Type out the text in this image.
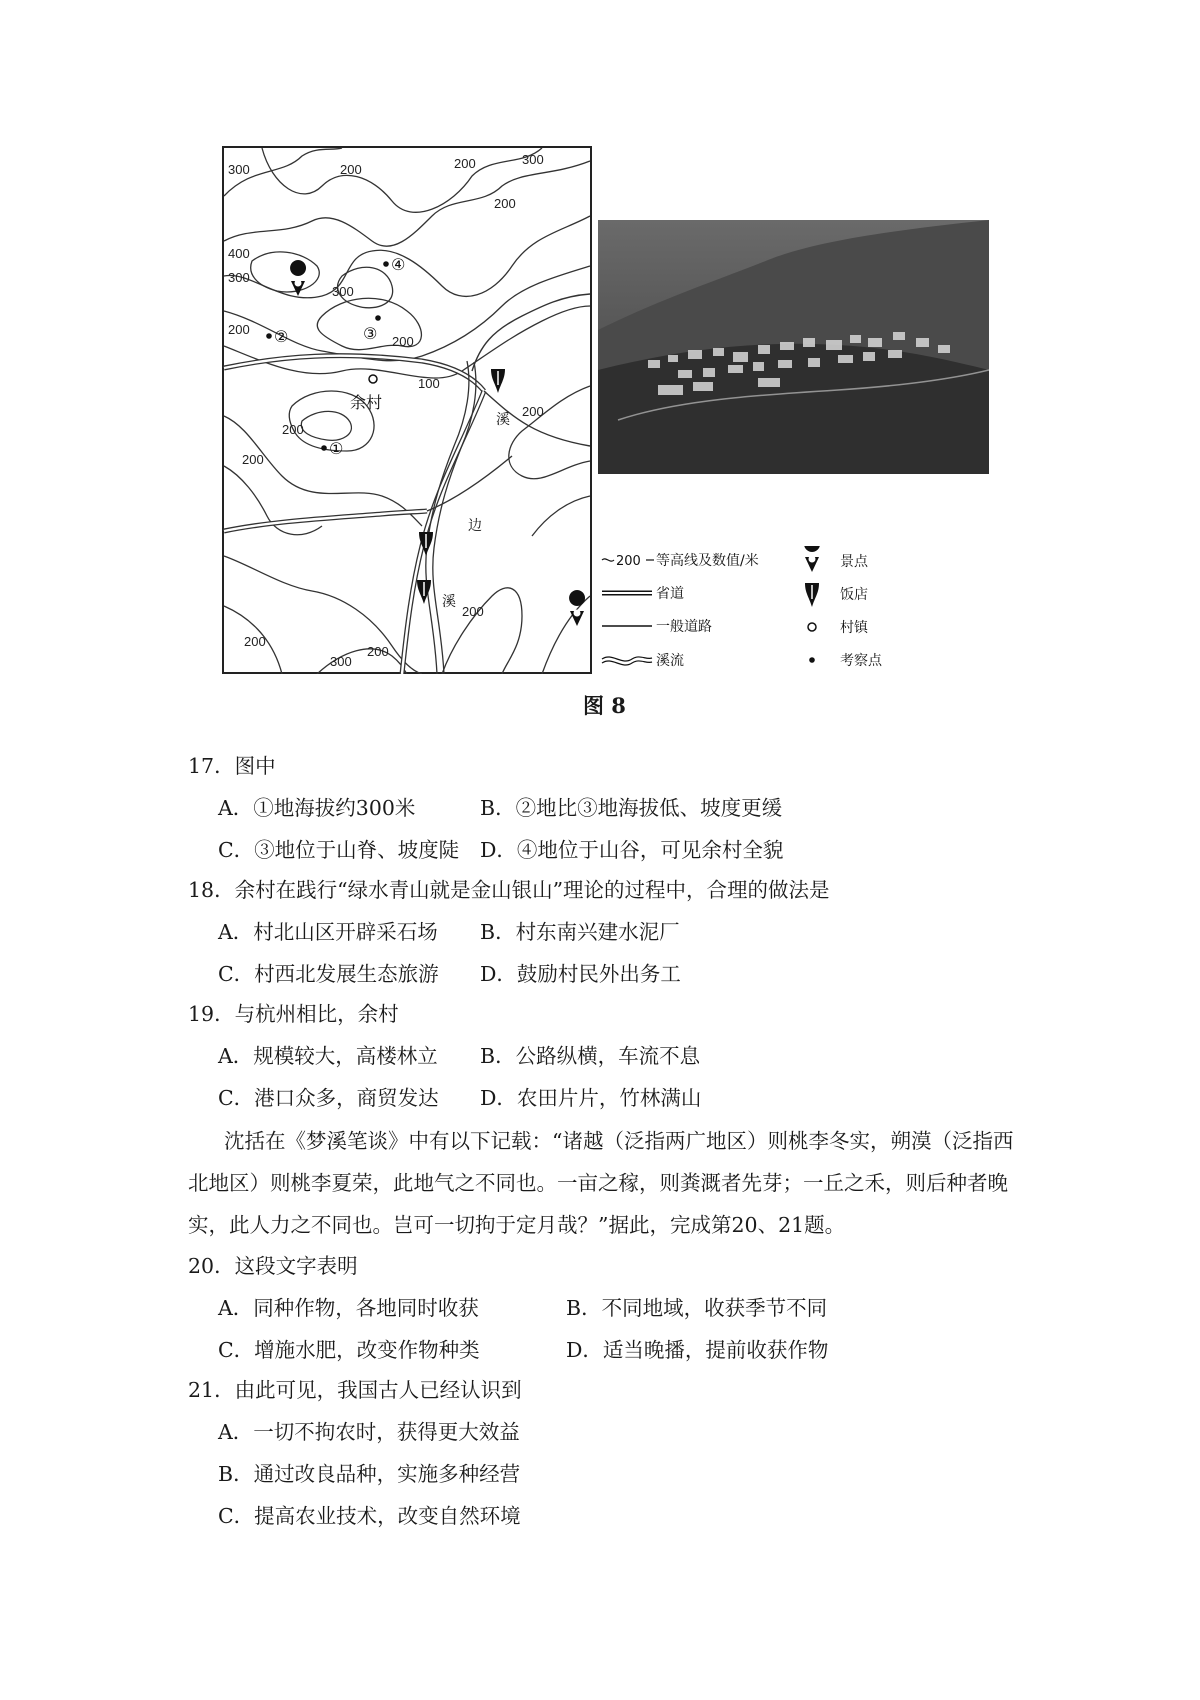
300	200	200	300
200
400
300
300
200
200
100
200
200
200
200
300
200
200
①
②	③
④
余村
溪
边
溪
200 等高线及数值/米
省道
一般道路
溪流
景点
饭店
村镇
考察点
图 8
17．图中
A．①地海拔约300米	B．②地比③地海拔低、坡度更缓
C．③地位于山脊、坡度陡 D．④地位于山谷，可见余村全貌
18．余村在践行“绿水青山就是金山银山”理论的过程中，合理的做法是
A．村北山区开辟采石场 B．村东南兴建水泥厂
C．村西北发展生态旅游 D．鼓励村民外出务工
19．与杭州相比，余村
A．规模较大，高楼林立 B．公路纵横，车流不息
C．港口众多，商贸发达 D．农田片片，竹林满山
沈括在《梦溪笔谈》中有以下记载：“诸越（泛指两广地区）则桃李冬实，朔漠（泛指西北地区）则桃李夏荣，此地气之不同也。一亩之稼，则粪溉者先芽；一丘之禾，则后种者晚实，此人力之不同也。岂可一切拘于定月哉？”据此，完成第20、21题。
20．这段文字表明
A．同种作物，各地同时收获	B．不同地域，收获季节不同
C．增施水肥，改变作物种类	D．适当晚播，提前收获作物
21．由此可见，我国古人已经认识到
A．一切不拘农时，获得更大效益
B．通过改良品种，实施多种经营
C．提高农业技术，改变自然环境
